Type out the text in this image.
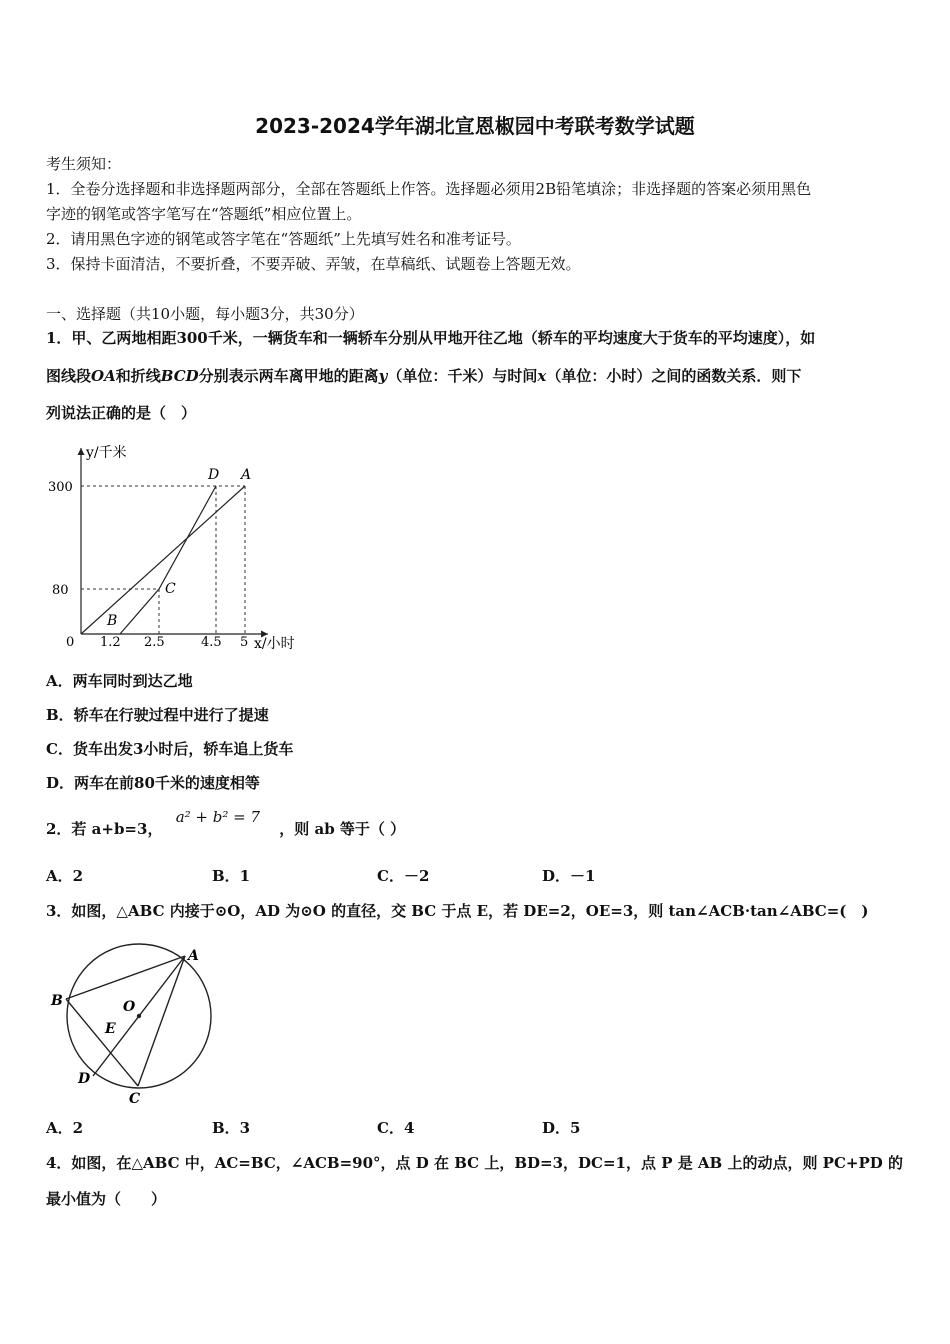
2023-2024学年湖北宣恩椒园中考联考数学试题
考生须知：
1．全卷分选择题和非选择题两部分，全部在答题纸上作答。选择题必须用2B铅笔填涂；非选择题的答案必须用黑色
字迹的钢笔或答字笔写在“答题纸”相应位置上。
2．请用黑色字迹的钢笔或答字笔在“答题纸”上先填写姓名和准考证号。
3．保持卡面清洁，不要折叠，不要弄破、弄皱，在草稿纸、试题卷上答题无效。
一、选择题（共10小题，每小题3分，共30分）
1．甲、乙两地相距300千米，一辆货车和一辆轿车分别从甲地开往乙地（轿车的平均速度大于货车的平均速度），如
图线段OA和折线BCD分别表示两车离甲地的距离y（单位：千米）与时间x（单位：小时）之间的函数关系．则下
列说法正确的是（　）
y/千米
x/小时
0
300
80
1.2 2.5	4.5 5
D A
C
B
A．两车同时到达乙地
B．轿车在行驶过程中进行了提速
C．货车出发3小时后，轿车追上货车
D．两车在前80千米的速度相等
2．若 a+b=3， a² + b² = 7 ，则 ab 等于（ ）
A．2	B．1	C．－2	D．－1
3．如图，△ABC 内接于⊙O，AD 为⊙O 的直径，交 BC 于点 E，若 DE=2，OE=3，则 tan∠ACB·tan∠ABC=(　)
A
B	O
E
D
C
A．2	B．3	C．4	D．5
4．如图，在△ABC 中，AC=BC，∠ACB=90°，点 D 在 BC 上，BD=3，DC=1，点 P 是 AB 上的动点，则 PC+PD 的
最小值为（　　）
